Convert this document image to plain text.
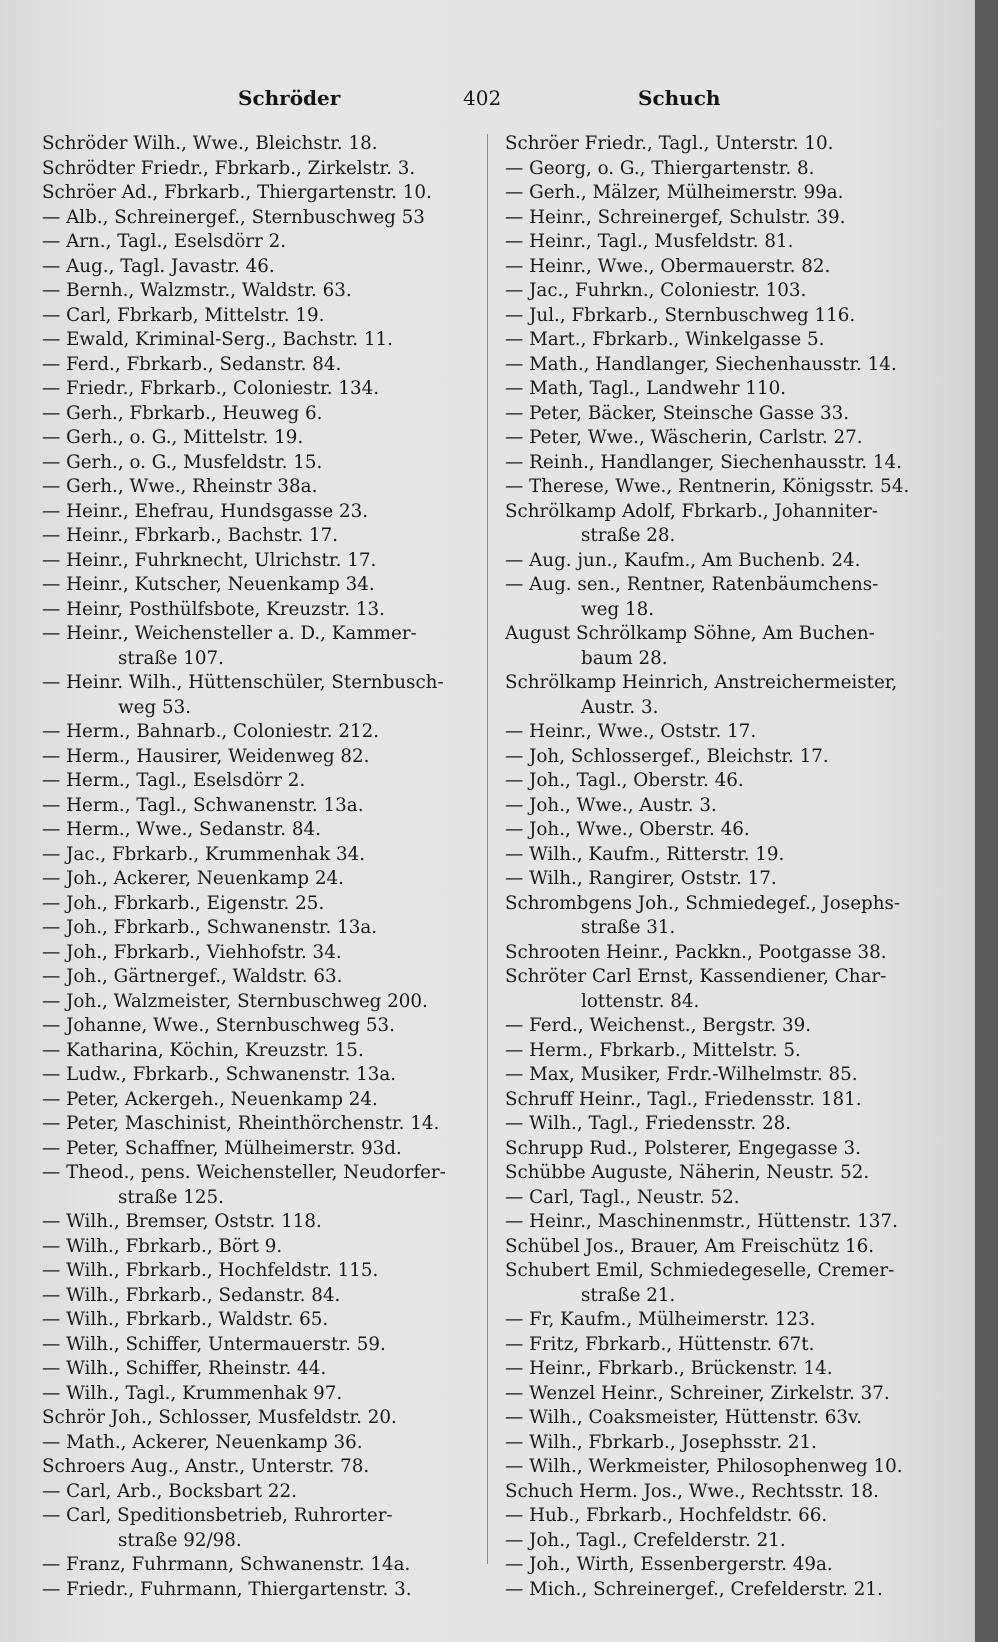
Schröder	402	Schuch
Schröder Wilh., Wwe., Bleichstr. 18.
Schrödter Friedr., Fbrkarb., Zirkelstr. 3.
Schröer Ad., Fbrkarb., Thiergartenstr. 10.
— Alb., Schreinergef., Sternbuschweg 53
— Arn., Tagl., Eselsdörr 2.
— Aug., Tagl. Javastr. 46.
— Bernh., Walzmstr., Waldstr. 63.
— Carl, Fbrkarb, Mittelstr. 19.
— Ewald, Kriminal-Serg., Bachstr. 11.
— Ferd., Fbrkarb., Sedanstr. 84.
— Friedr., Fbrkarb., Coloniestr. 134.
— Gerh., Fbrkarb., Heuweg 6.
— Gerh., o. G., Mittelstr. 19.
— Gerh., o. G., Musfeldstr. 15.
— Gerh., Wwe., Rheinstr 38a.
— Heinr., Ehefrau, Hundsgasse 23.
— Heinr., Fbrkarb., Bachstr. 17.
— Heinr., Fuhrknecht, Ulrichstr. 17.
— Heinr., Kutscher, Neuenkamp 34.
— Heinr, Posthülfsbote, Kreuzstr. 13.
— Heinr., Weichensteller a. D., Kammer-
straße 107.
— Heinr. Wilh., Hüttenschüler, Sternbusch-
weg 53.
— Herm., Bahnarb., Coloniestr. 212.
— Herm., Hausirer, Weidenweg 82.
— Herm., Tagl., Eselsdörr 2.
— Herm., Tagl., Schwanenstr. 13a.
— Herm., Wwe., Sedanstr. 84.
— Jac., Fbrkarb., Krummenhak 34.
— Joh., Ackerer, Neuenkamp 24.
— Joh., Fbrkarb., Eigenstr. 25.
— Joh., Fbrkarb., Schwanenstr. 13a.
— Joh., Fbrkarb., Viehhofstr. 34.
— Joh., Gärtnergef., Waldstr. 63.
— Joh., Walzmeister, Sternbuschweg 200.
— Johanne, Wwe., Sternbuschweg 53.
— Katharina, Köchin, Kreuzstr. 15.
— Ludw., Fbrkarb., Schwanenstr. 13a.
— Peter, Ackergeh., Neuenkamp 24.
— Peter, Maschinist, Rheinthörchenstr. 14.
— Peter, Schaffner, Mülheimerstr. 93d.
— Theod., pens. Weichensteller, Neudorfer-
straße 125.
— Wilh., Bremser, Oststr. 118.
— Wilh., Fbrkarb., Bört 9.
— Wilh., Fbrkarb., Hochfeldstr. 115.
— Wilh., Fbrkarb., Sedanstr. 84.
— Wilh., Fbrkarb., Waldstr. 65.
— Wilh., Schiffer, Untermauerstr. 59.
— Wilh., Schiffer, Rheinstr. 44.
— Wilh., Tagl., Krummenhak 97.
Schrör Joh., Schlosser, Musfeldstr. 20.
— Math., Ackerer, Neuenkamp 36.
Schroers Aug., Anstr., Unterstr. 78.
— Carl, Arb., Bocksbart 22.
— Carl, Speditionsbetrieb, Ruhrorter-
straße 92/98.
— Franz, Fuhrmann, Schwanenstr. 14a.
— Friedr., Fuhrmann, Thiergartenstr. 3.
Schröer Friedr., Tagl., Unterstr. 10.
— Georg, o. G., Thiergartenstr. 8.
— Gerh., Mälzer, Mülheimerstr. 99a.
— Heinr., Schreinergef, Schulstr. 39.
— Heinr., Tagl., Musfeldstr. 81.
— Heinr., Wwe., Obermauerstr. 82.
— Jac., Fuhrkn., Coloniestr. 103.
— Jul., Fbrkarb., Sternbuschweg 116.
— Mart., Fbrkarb., Winkelgasse 5.
— Math., Handlanger, Siechenhausstr. 14.
— Math, Tagl., Landwehr 110.
— Peter, Bäcker, Steinsche Gasse 33.
— Peter, Wwe., Wäscherin, Carlstr. 27.
— Reinh., Handlanger, Siechenhausstr. 14.
— Therese, Wwe., Rentnerin, Königsstr. 54.
Schrölkamp Adolf, Fbrkarb., Johanniter-
straße 28.
— Aug. jun., Kaufm., Am Buchenb. 24.
— Aug. sen., Rentner, Ratenbäumchens-
weg 18.
August Schrölkamp Söhne, Am Buchen-
baum 28.
Schrölkamp Heinrich, Anstreichermeister,
Austr. 3.
— Heinr., Wwe., Oststr. 17.
— Joh, Schlossergef., Bleichstr. 17.
— Joh., Tagl., Oberstr. 46.
— Joh., Wwe., Austr. 3.
— Joh., Wwe., Oberstr. 46.
— Wilh., Kaufm., Ritterstr. 19.
— Wilh., Rangirer, Oststr. 17.
Schrombgens Joh., Schmiedegef., Josephs-
straße 31.
Schrooten Heinr., Packkn., Pootgasse 38.
Schröter Carl Ernst, Kassendiener, Char-
lottenstr. 84.
— Ferd., Weichenst., Bergstr. 39.
— Herm., Fbrkarb., Mittelstr. 5.
— Max, Musiker, Frdr.-Wilhelmstr. 85.
Schruff Heinr., Tagl., Friedensstr. 181.
— Wilh., Tagl., Friedensstr. 28.
Schrupp Rud., Polsterer, Engegasse 3.
Schübbe Auguste, Näherin, Neustr. 52.
— Carl, Tagl., Neustr. 52.
— Heinr., Maschinenmstr., Hüttenstr. 137.
Schübel Jos., Brauer, Am Freischütz 16.
Schubert Emil, Schmiedegeselle, Cremer-
straße 21.
— Fr, Kaufm., Mülheimerstr. 123.
— Fritz, Fbrkarb., Hüttenstr. 67t.
— Heinr., Fbrkarb., Brückenstr. 14.
— Wenzel Heinr., Schreiner, Zirkelstr. 37.
— Wilh., Coaksmeister, Hüttenstr. 63v.
— Wilh., Fbrkarb., Josephsstr. 21.
— Wilh., Werkmeister, Philosophenweg 10.
Schuch Herm. Jos., Wwe., Rechtsstr. 18.
— Hub., Fbrkarb., Hochfeldstr. 66.
— Joh., Tagl., Crefelderstr. 21.
— Joh., Wirth, Essenbergerstr. 49a.
— Mich., Schreinergef., Crefelderstr. 21.
